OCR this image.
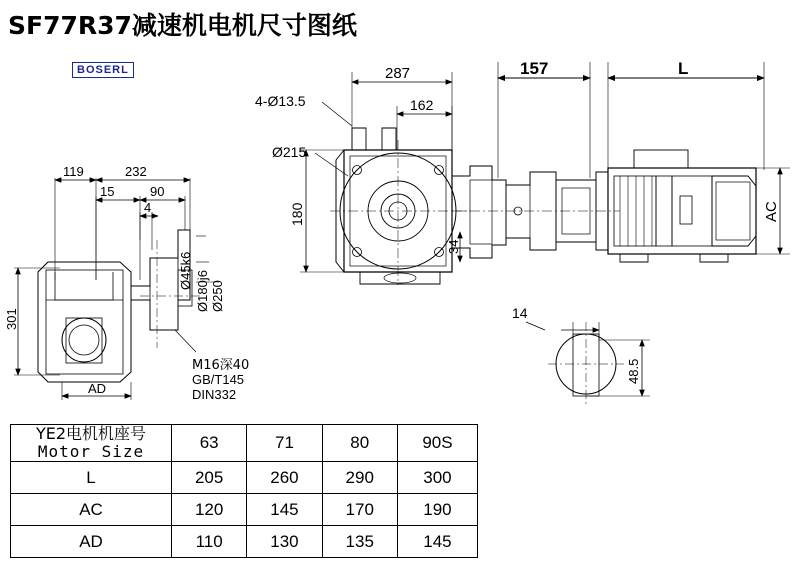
SF77R37减速机电机尺寸图纸
BOSERL
119	232
15	90
4
301
AD
Ø45k6 Ø180j6 Ø250
M16深40
GB/T145
DIN332
287
162
157	L
4-Ø13.5
Ø215
180
34
AC
14
48.5
YE2电机机座号
Motor Size	63	71	80	90S
L	205	260	290	300
AC	120	145	170	190
AD	110	130	135	145
